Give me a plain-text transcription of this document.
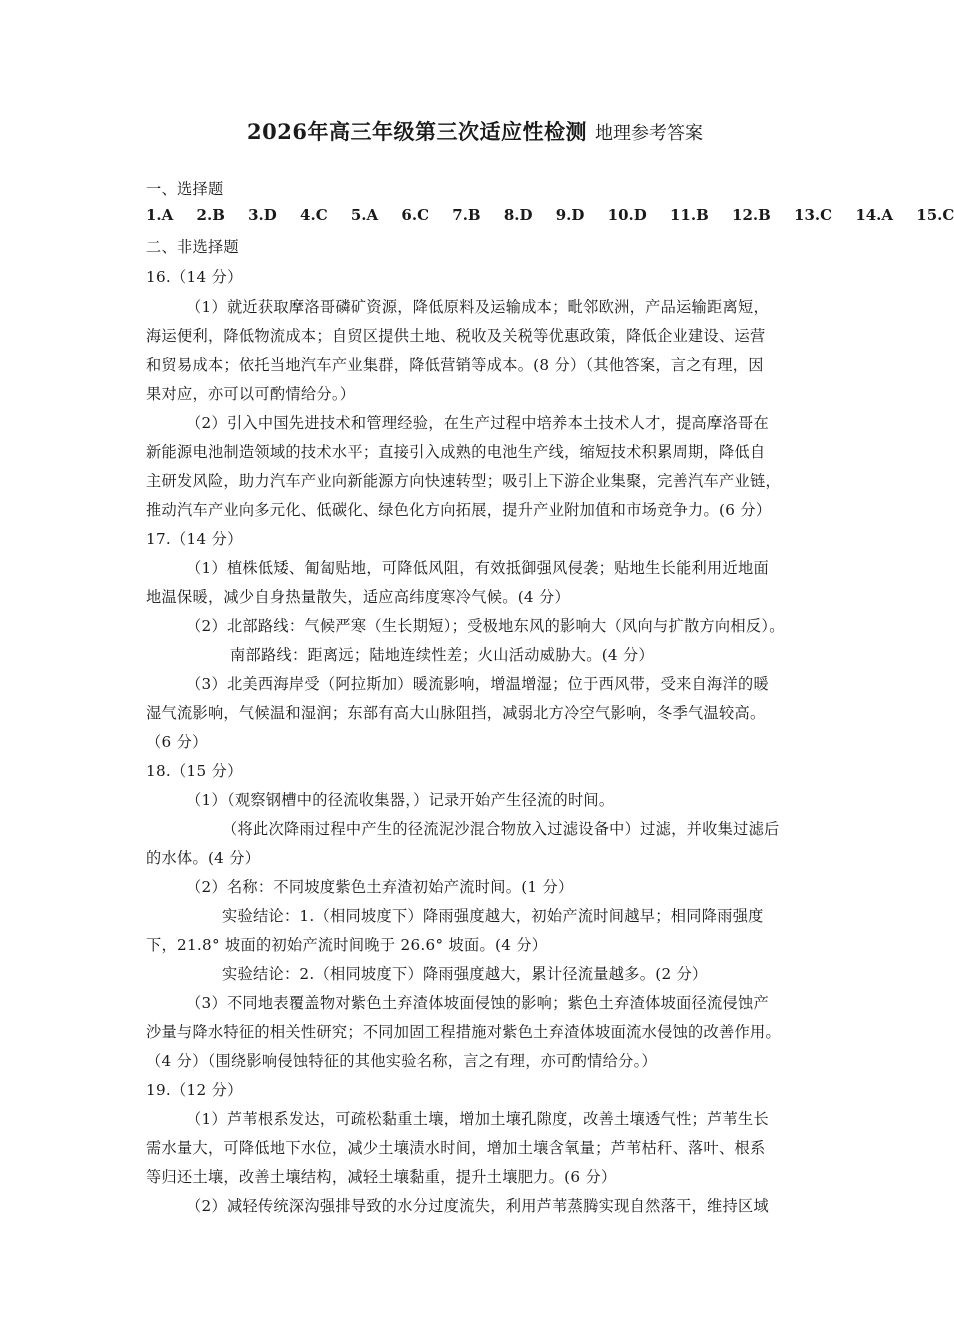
2026年高三年级第三次适应性检测 地理参考答案
一、选择题
1.A 2.B 3.D 4.C 5.A 6.C 7.B 8.D 9.D 10.D 11.B 12.B 13.C 14.A 15.C
二、非选择题
16.（14 分）
（1）就近获取摩洛哥磷矿资源，降低原料及运输成本；毗邻欧洲，产品运输距离短，
海运便利，降低物流成本；自贸区提供土地、税收及关税等优惠政策，降低企业建设、运营
和贸易成本；依托当地汽车产业集群，降低营销等成本。(8 分）（其他答案，言之有理，因
果对应，亦可以可酌情给分。）
（2）引入中国先进技术和管理经验，在生产过程中培养本土技术人才，提高摩洛哥在
新能源电池制造领域的技术水平；直接引入成熟的电池生产线，缩短技术积累周期，降低自
主研发风险，助力汽车产业向新能源方向快速转型；吸引上下游企业集聚，完善汽车产业链，
推动汽车产业向多元化、低碳化、绿色化方向拓展，提升产业附加值和市场竞争力。(6 分）
17.（14 分）
（1）植株低矮、匍匐贴地，可降低风阻，有效抵御强风侵袭；贴地生长能利用近地面
地温保暖，减少自身热量散失，适应高纬度寒冷气候。(4 分）
（2）北部路线：气候严寒（生长期短）；受极地东风的影响大（风向与扩散方向相反）。
南部路线：距离远；陆地连续性差；火山活动威胁大。(4 分）
（3）北美西海岸受（阿拉斯加）暖流影响，增温增湿；位于西风带，受来自海洋的暖
湿气流影响，气候温和湿润；东部有高大山脉阻挡，减弱北方冷空气影响，冬季气温较高。
（6 分）
18.（15 分）
（1）（观察钢槽中的径流收集器，）记录开始产生径流的时间。
（将此次降雨过程中产生的径流泥沙混合物放入过滤设备中）过滤，并收集过滤后
的水体。(4 分）
（2）名称：不同坡度紫色土弃渣初始产流时间。(1 分）
实验结论：1.（相同坡度下）降雨强度越大，初始产流时间越早；相同降雨强度
下，21.8° 坡面的初始产流时间晚于 26.6° 坡面。(4 分）
实验结论：2.（相同坡度下）降雨强度越大，累计径流量越多。(2 分）
（3）不同地表覆盖物对紫色土弃渣体坡面侵蚀的影响；紫色土弃渣体坡面径流侵蚀产
沙量与降水特征的相关性研究；不同加固工程措施对紫色土弃渣体坡面流水侵蚀的改善作用。
（4 分）（围绕影响侵蚀特征的其他实验名称，言之有理，亦可酌情给分。）
19.（12 分）
（1）芦苇根系发达，可疏松黏重土壤，增加土壤孔隙度，改善土壤透气性；芦苇生长
需水量大，可降低地下水位，减少土壤渍水时间，增加土壤含氧量；芦苇枯秆、落叶、根系
等归还土壤，改善土壤结构，减轻土壤黏重，提升土壤肥力。(6 分）
（2）减轻传统深沟强排导致的水分过度流失，利用芦苇蒸腾实现自然落干，维持区域
